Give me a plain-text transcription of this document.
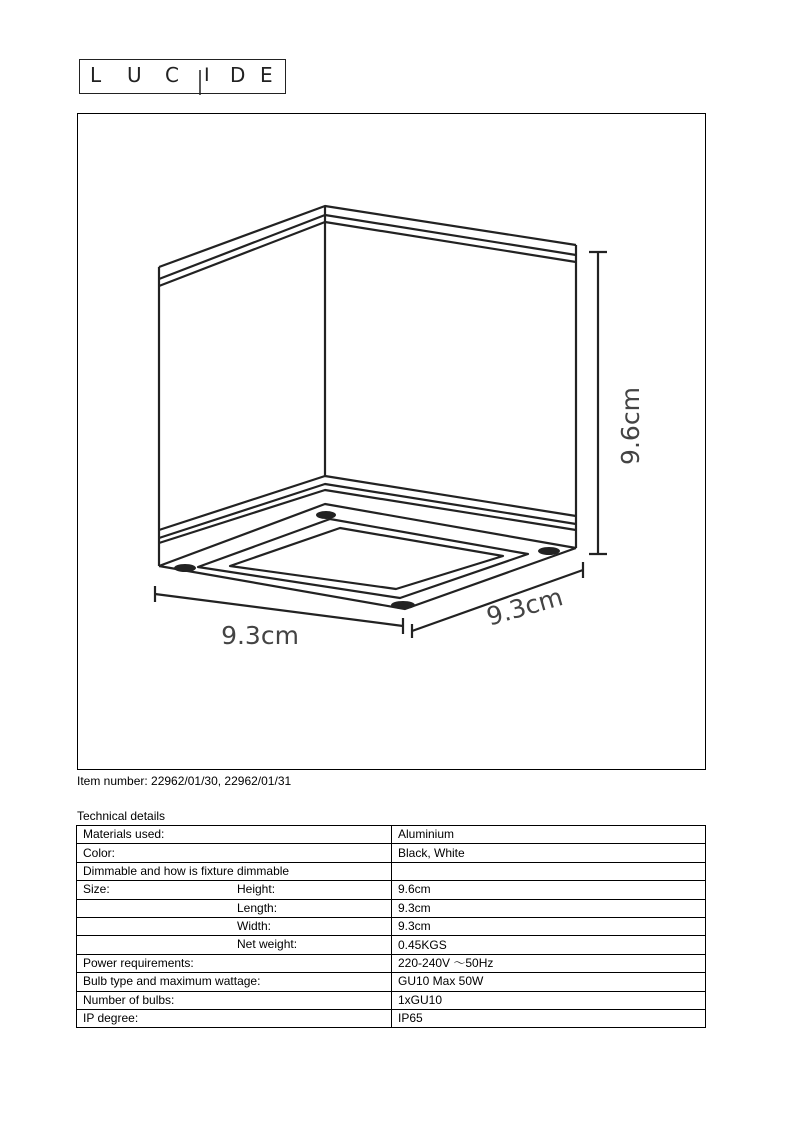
L U C I D E
9.6cm
9.3cm
9.3cm
Item number: 22962/01/30, 22962/01/31
Technical details
Materials used:	Aluminium
Color:	Black, White
Dimmable and how is fixture dimmable

Size: Height:	9.6cm

Length:	9.3cm

Width:	9.3cm

Net weight:	0.45KGS
Power requirements:	220-240V ～50Hz
Bulb type and maximum wattage:	GU10 Max 50W
Number of bulbs:	1xGU10
IP degree:	IP65
